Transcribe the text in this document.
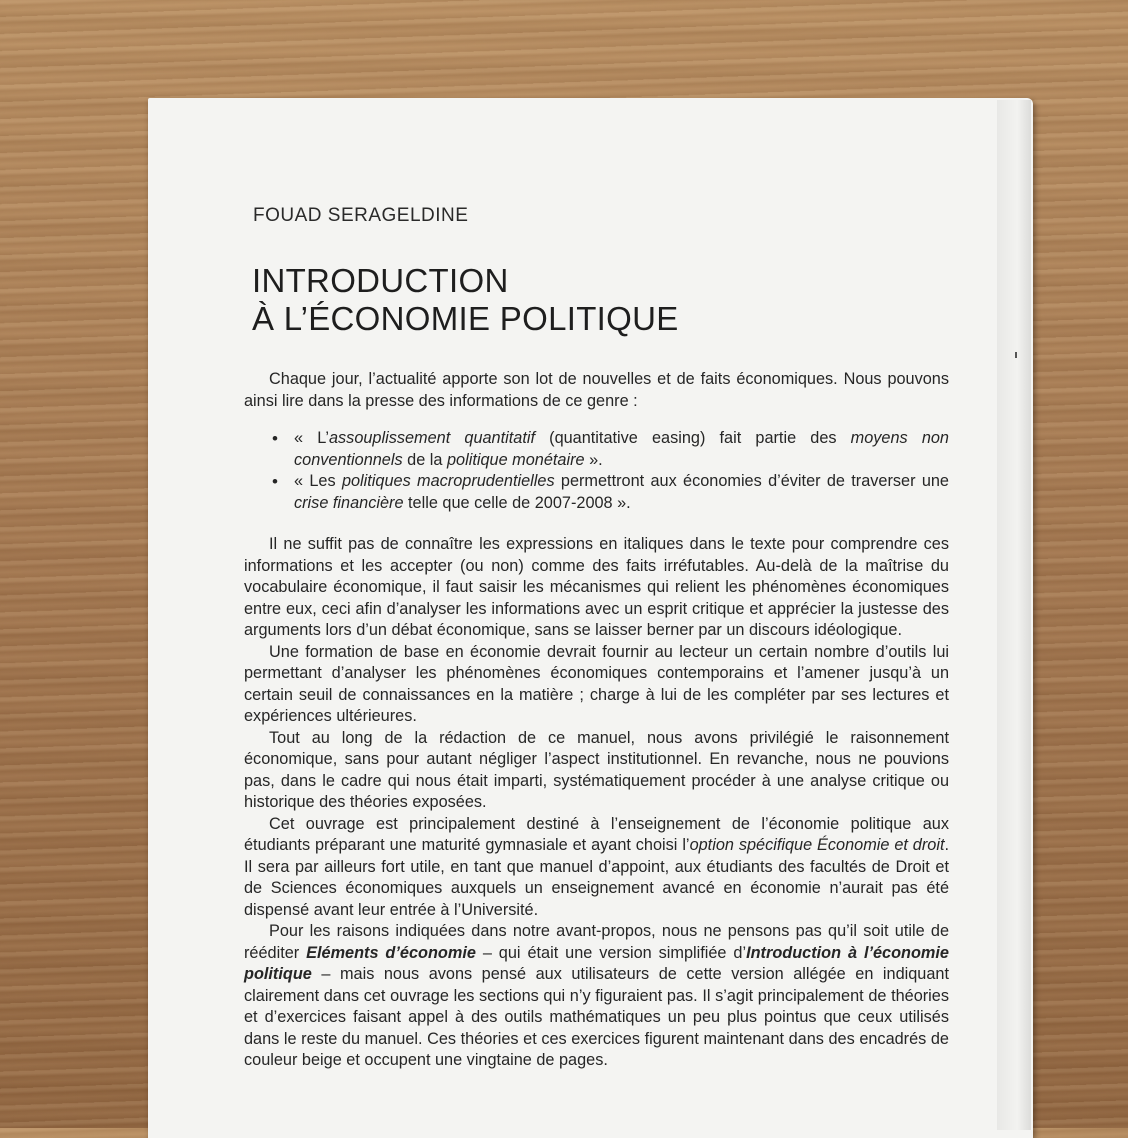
FOUAD SERAGELDINE
INTRODUCTION
À L’ÉCONOMIE POLITIQUE

Chaque jour, l’actualité apporte son lot de nouvelles et de faits économiques. Nous pouvons ainsi lire dans la presse des informations de ce genre :

• « L’assouplissement quantitatif (quantitative easing) fait partie des moyens non conventionnels de la politique monétaire ».
• « Les politiques macroprudentielles permettront aux économies d’éviter de traverser une crise financière telle que celle de 2007-2008 ».

Il ne suffit pas de connaître les expressions en italiques dans le texte pour comprendre ces informations et les accepter (ou non) comme des faits irréfutables. Au-delà de la maîtrise du vocabulaire économique, il faut saisir les mécanismes qui relient les phénomènes économiques entre eux, ceci afin d’analyser les informations avec un esprit critique et apprécier la justesse des arguments lors d’un débat économique, sans se laisser berner par un discours idéologique.

Une formation de base en économie devrait fournir au lecteur un certain nombre d’outils lui permettant d’analyser les phénomènes économiques contemporains et l’amener jusqu’à un certain seuil de connaissances en la matière ; charge à lui de les compléter par ses lectures et expériences ultérieures.

Tout au long de la rédaction de ce manuel, nous avons privilégié le raisonnement économique, sans pour autant négliger l’aspect institutionnel. En revanche, nous ne pouvions pas, dans le cadre qui nous était imparti, systématiquement procéder à une analyse critique ou historique des théories exposées.

Cet ouvrage est principalement destiné à l’enseignement de l’économie politique aux étudiants préparant une maturité gymnasiale et ayant choisi l’option spécifique Économie et droit. Il sera par ailleurs fort utile, en tant que manuel d’appoint, aux étudiants des facultés de Droit et de Sciences économiques auxquels un enseignement avancé en économie n’aurait pas été dispensé avant leur entrée à l’Université.

Pour les raisons indiquées dans notre avant-propos, nous ne pensons pas qu’il soit utile de rééditer Eléments d’économie – qui était une version simplifiée d’Introduction à l’économie politique – mais nous avons pensé aux utilisateurs de cette version allégée en indiquant clairement dans cet ouvrage les sections qui n’y figuraient pas. Il s’agit principalement de théories et d’exercices faisant appel à des outils mathématiques un peu plus pointus que ceux utilisés dans le reste du manuel. Ces théories et ces exercices figurent maintenant dans des encadrés de couleur beige et occupent une vingtaine de pages.
